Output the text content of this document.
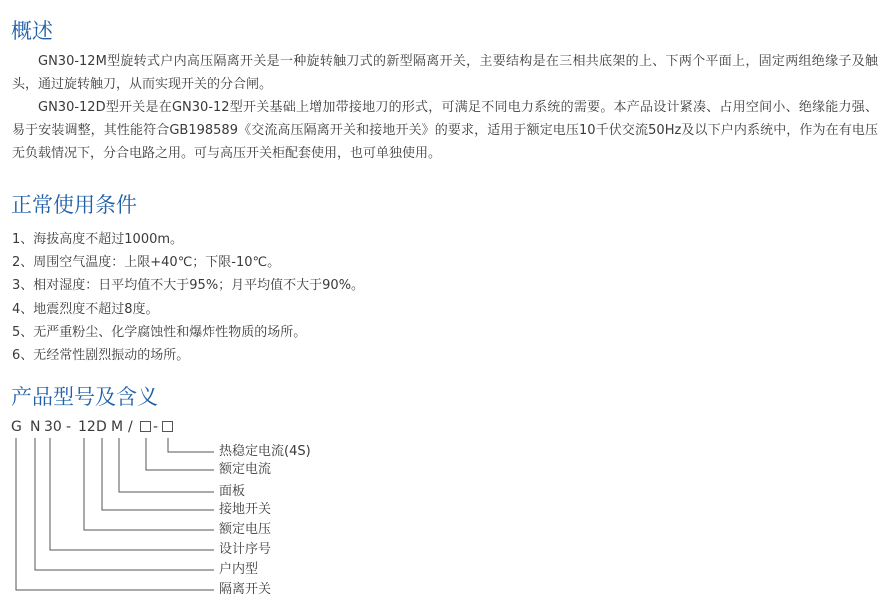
概述

GN30-12M型旋转式户内高压隔离开关是一种旋转触刀式的新型隔离开关，主要结构是在三相共底架的上、下两个平面上，固定两组绝缘子及触头，通过旋转触刀，从而实现开关的分合闸。

GN30-12D型开关是在GN30-12型开关基础上增加带接地刀的形式，可满足不同电力系统的需要。本产品设计紧凑、占用空间小、绝缘能力强、易于安装调整，其性能符合GB198589《交流高压隔离开关和接地开关》的要求，适用于额定电压10千伏交流50Hz及以下户内系统中，作为在有电压无负载情况下，分合电路之用。可与高压开关柜配套使用，也可单独使用。

正常使用条件
1、海拔高度不超过1000m。
2、周围空气温度：上限+40℃；下限-10℃。
3、相对湿度：日平均值不大于95%；月平均值不大于90%。
4、地震烈度不超过8度。
5、无严重粉尘、化学腐蚀性和爆炸性物质的场所。
6、无经常性剧烈振动的场所。
产品型号及含义
G N 30 - 12 D M / -
热稳定电流(4S)
额定电流
面板
接地开关
额定电压
设计序号
户内型
隔离开关
